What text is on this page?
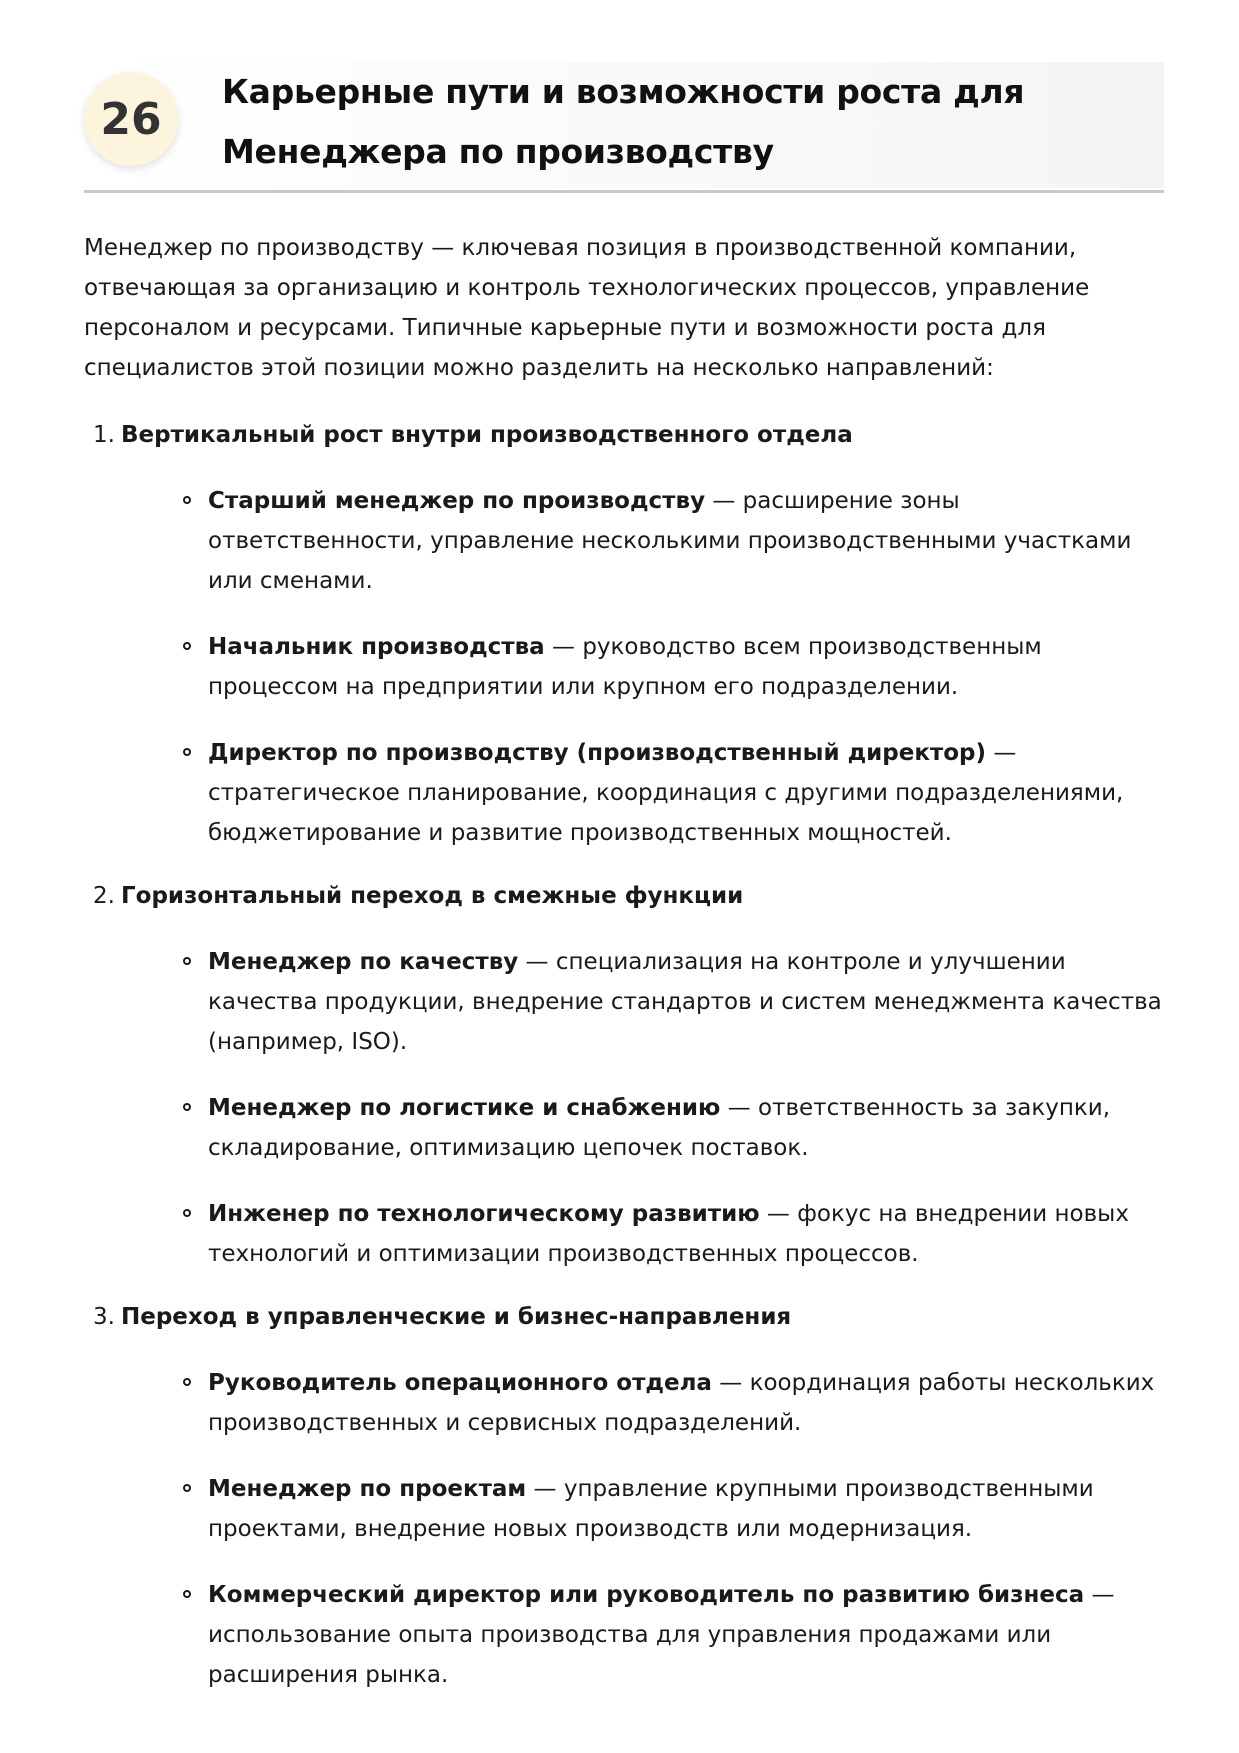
26
Карьерные пути и возможности роста для Менеджера по производству

Менеджер по производству — ключевая позиция в производственной компании, отвечающая за организацию и контроль технологических процессов, управление персоналом и ресурсами. Типичные карьерные пути и возможности роста для специалистов этой позиции можно разделить на несколько направлений:

1. Вертикальный рост внутри производственного отдела
Старший менеджер по производству — расширение зоны ответственности, управление несколькими производственными участками или сменами.
Начальник производства — руководство всем производственным процессом на предприятии или крупном его подразделении.
Директор по производству (производственный директор) — стратегическое планирование, координация с другими подразделениями, бюджетирование и развитие производственных мощностей.
2. Горизонтальный переход в смежные функции
Менеджер по качеству — специализация на контроле и улучшении качества продукции, внедрение стандартов и систем менеджмента качества (например, ISO).
Менеджер по логистике и снабжению — ответственность за закупки, складирование, оптимизацию цепочек поставок.
Инженер по технологическому развитию — фокус на внедрении новых технологий и оптимизации производственных процессов.
3. Переход в управленческие и бизнес-направления
Руководитель операционного отдела — координация работы нескольких производственных и сервисных подразделений.
Менеджер по проектам — управление крупными производственными проектами, внедрение новых производств или модернизация.
Коммерческий директор или руководитель по развитию бизнеса — использование опыта производства для управления продажами или расширения рынка.
